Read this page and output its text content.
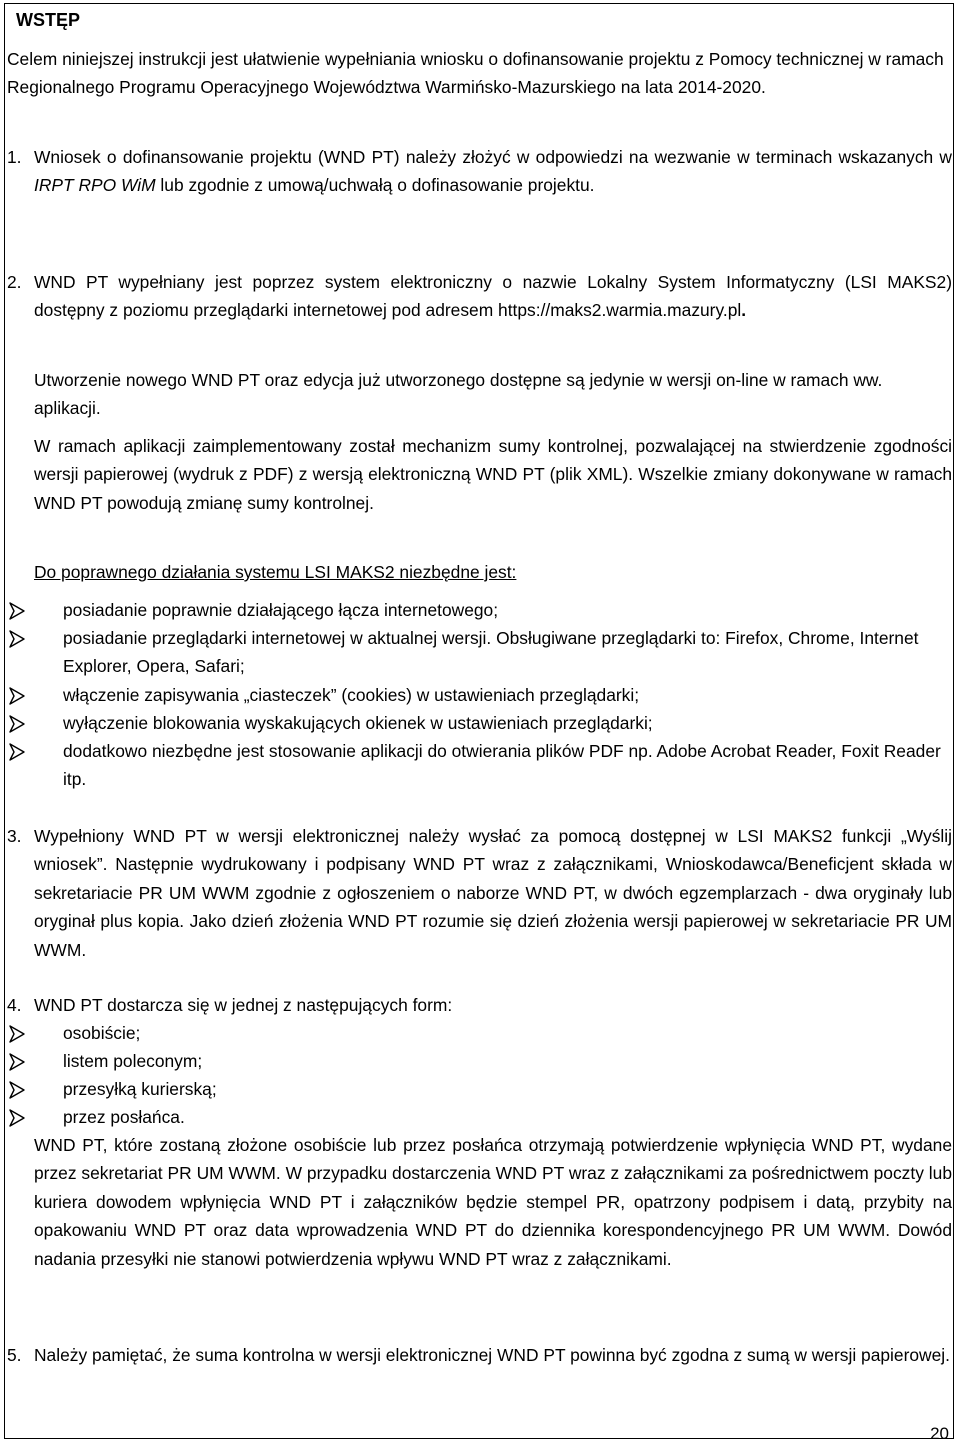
WSTĘP
Celem niniejszej instrukcji jest ułatwienie wypełniania wniosku o dofinansowanie projektu z Pomocy technicznej w ramach Regionalnego Programu Operacyjnego Województwa Warmińsko-Mazurskiego na lata 2014-2020.
1. Wniosek o dofinansowanie projektu (WND PT) należy złożyć w odpowiedzi na wezwanie w terminach wskazanych w IRPT RPO WiM lub zgodnie z umową/uchwałą o dofinasowanie projektu.
2. WND PT wypełniany jest poprzez system elektroniczny o nazwie Lokalny System Informatyczny (LSI MAKS2) dostępny z poziomu przeglądarki internetowej pod adresem https://maks2.warmia.mazury.pl.
Utworzenie nowego WND PT oraz edycja już utworzonego dostępne są jedynie w wersji on-line w ramach ww. aplikacji.
W ramach aplikacji zaimplementowany został mechanizm sumy kontrolnej, pozwalającej na stwierdzenie zgodności wersji papierowej (wydruk z PDF) z wersją elektroniczną WND PT (plik XML). Wszelkie zmiany dokonywane w ramach WND PT powodują zmianę sumy kontrolnej.
Do poprawnego działania systemu LSI MAKS2 niezbędne jest:
posiadanie poprawnie działającego łącza internetowego;
posiadanie przeglądarki internetowej w aktualnej wersji. Obsługiwane przeglądarki to: Firefox, Chrome, Internet Explorer, Opera, Safari;
włączenie zapisywania „ciasteczek” (cookies) w ustawieniach przeglądarki;
wyłączenie blokowania wyskakujących okienek w ustawieniach przeglądarki;
dodatkowo niezbędne jest stosowanie aplikacji do otwierania plików PDF np. Adobe Acrobat Reader, Foxit Reader itp.
3. Wypełniony WND PT w wersji elektronicznej należy wysłać za pomocą dostępnej w LSI MAKS2 funkcji „Wyślij wniosek”. Następnie wydrukowany i podpisany WND PT wraz z załącznikami, Wnioskodawca/Beneficjent składa w sekretariacie PR UM WWM zgodnie z ogłoszeniem o naborze WND PT, w dwóch egzemplarzach - dwa oryginały lub oryginał plus kopia. Jako dzień złożenia WND PT rozumie się dzień złożenia wersji papierowej w sekretariacie PR UM WWM.
4. WND PT dostarcza się w jednej z następujących form:
osobiście;
listem poleconym;
przesyłką kurierską;
przez posłańca.
WND PT, które zostaną złożone osobiście lub przez posłańca otrzymają potwierdzenie wpłynięcia WND PT, wydane przez sekretariat PR UM WWM. W przypadku dostarczenia WND PT wraz z załącznikami za pośrednictwem poczty lub kuriera dowodem wpłynięcia WND PT i załączników będzie stempel PR, opatrzony podpisem i datą, przybity na opakowaniu WND PT oraz data wprowadzenia WND PT do dziennika korespondencyjnego PR UM WWM. Dowód nadania przesyłki nie stanowi potwierdzenia wpływu WND PT wraz z załącznikami.
5. Należy pamiętać, że suma kontrolna w wersji elektronicznej WND PT powinna być zgodna z sumą w wersji papierowej.
20
